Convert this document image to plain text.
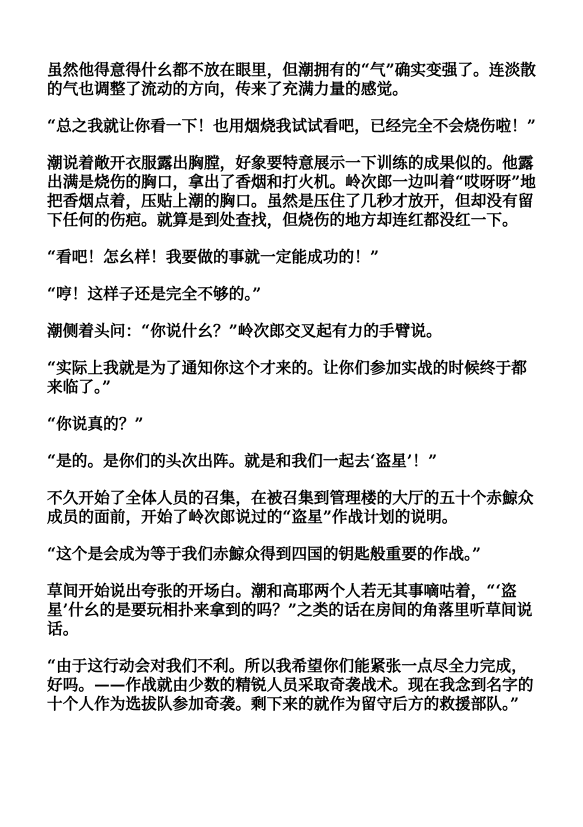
虽然他得意得什幺都不放在眼里，但潮拥有的“气”确实变强了。连淡散的气也调整了流动的方向，传来了充满力量的感觉。

“总之我就让你看一下！也用烟烧我试试看吧，已经完全不会烧伤啦！”

潮说着敞开衣服露出胸膛，好象要特意展示一下训练的成果似的。他露出满是烧伤的胸口，拿出了香烟和打火机。岭次郎一边叫着“哎呀呀”地把香烟点着，压贴上潮的胸口。虽然是压住了几秒才放开，但却没有留下任何的伤疤。就算是到处查找，但烧伤的地方却连红都没红一下。

“看吧！怎幺样！我要做的事就一定能成功的！”

“哼！这样子还是完全不够的。”

潮侧着头问：“你说什幺？”岭次郎交叉起有力的手臂说。

“实际上我就是为了通知你这个才来的。让你们参加实战的时候终于都来临了。”

“你说真的？”

“是的。是你们的头次出阵。就是和我们一起去‘盗星’！”

不久开始了全体人员的召集，在被召集到管理楼的大厅的五十个赤鯨众成员的面前，开始了岭次郎说过的“盗星”作战计划的说明。

“这个是会成为等于我们赤鯨众得到四国的钥匙般重要的作战。”

草间开始说出夸张的开场白。潮和高耶两个人若无其事嘀咕着，“‘盗星’什幺的是要玩相扑来拿到的吗？”之类的话在房间的角落里听草间说话。

“由于这行动会对我们不利。所以我希望你们能紧张一点尽全力完成，好吗。——作战就由少数的精锐人员采取奇袭战术。现在我念到名字的十个人作为选拔队参加奇袭。剩下来的就作为留守后方的救援部队。”
